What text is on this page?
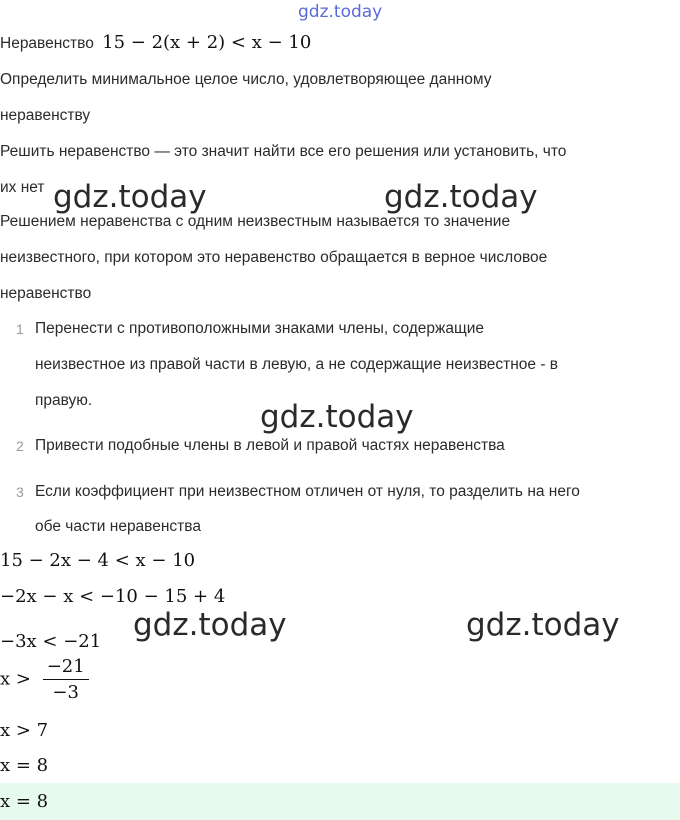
gdz.today
Неравенство 15 − 2(x + 2) < x − 10
Определить минимальное целое число, удовлетворяющее данному
неравенству
Решить неравенство — это значит найти все его решения или установить, что
их нет
Решением неравенства с одним неизвестным называется то значение
неизвестного, при котором это неравенство обращается в верное числовое
неравенство
1 Перенести с противоположными знаками члены, содержащие
неизвестное из правой части в левую, а не содержащие неизвестное - в
правую.
2 Привести подобные члены в левой и правой частях неравенства
3 Если коэффициент при неизвестном отличен от нуля, то разделить на него
обе части неравенства
15 − 2x − 4 < x − 10
−2x − x < −10 − 15 + 4
−3x < −21
$x > \frac{-21}{-3}$
x > 7
x = 8
x = 8
gdz.today	gdz.today
gdz.today
gdz.today	gdz.today
